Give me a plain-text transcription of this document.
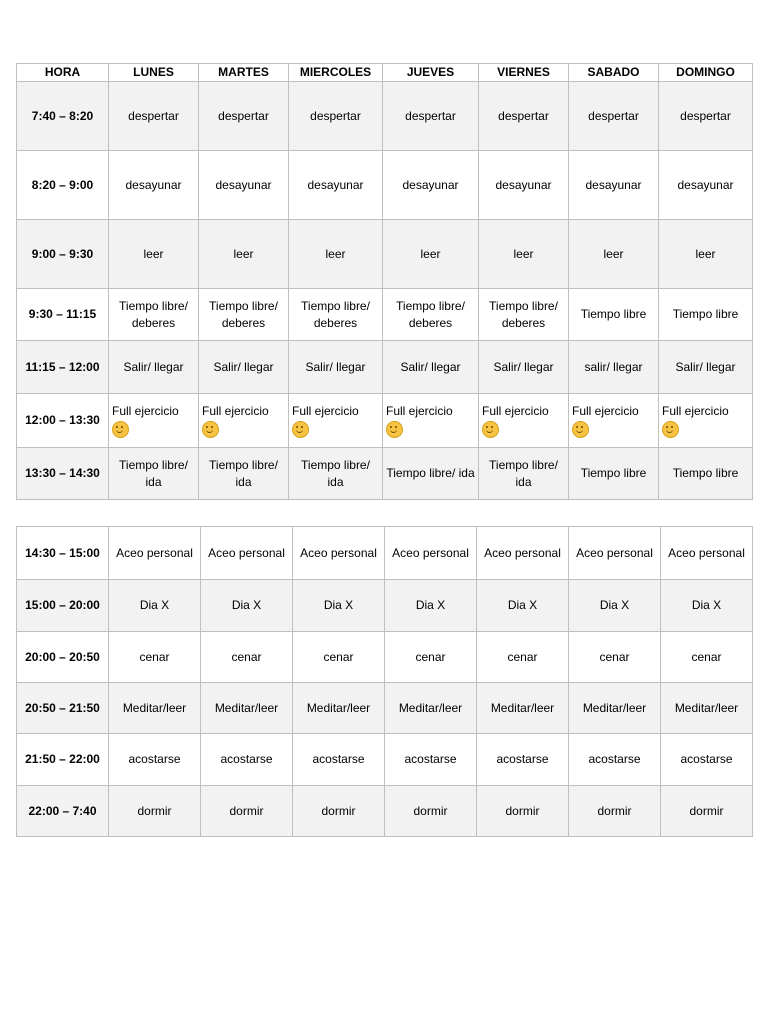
HORA	LUNES	MARTES	MIERCOLES	JUEVES	VIERNES	SABADO	DOMINGO
7:40 – 8:20	despertar	despertar	despertar	despertar	despertar	despertar	despertar
8:20 – 9:00	desayunar	desayunar	desayunar	desayunar	desayunar	desayunar	desayunar
9:00 – 9:30	leer	leer	leer	leer	leer	leer	leer
9:30 – 11:15	Tiempo libre/ deberes	Tiempo libre/ deberes	Tiempo libre/ deberes	Tiempo libre/ deberes	Tiempo libre/ deberes	Tiempo libre	Tiempo libre
11:15 – 12:00	Salir/ llegar	Salir/ llegar	Salir/ llegar	Salir/ llegar	Salir/ llegar	salir/ llegar	Salir/ llegar
12:00 – 13:30	Full ejercicio	Full ejercicio	Full ejercicio	Full ejercicio	Full ejercicio	Full ejercicio	Full ejercicio

13:30 – 14:30	Tiempo libre/ ida	Tiempo libre/ ida	Tiempo libre/ ida	Tiempo libre/ ida	Tiempo libre/ ida	Tiempo libre	Tiempo libre
14:30 – 15:00	Aceo personal	Aceo personal	Aceo personal	Aceo personal	Aceo personal	Aceo personal	Aceo personal
15:00 – 20:00	Dia X	Dia X	Dia X	Dia X	Dia X	Dia X	Dia X
20:00 – 20:50	cenar	cenar	cenar	cenar	cenar	cenar	cenar
20:50 – 21:50	Meditar/leer	Meditar/leer	Meditar/leer	Meditar/leer	Meditar/leer	Meditar/leer	Meditar/leer
21:50 – 22:00	acostarse	acostarse	acostarse	acostarse	acostarse	acostarse	acostarse
22:00 – 7:40	dormir	dormir	dormir	dormir	dormir	dormir	dormir
